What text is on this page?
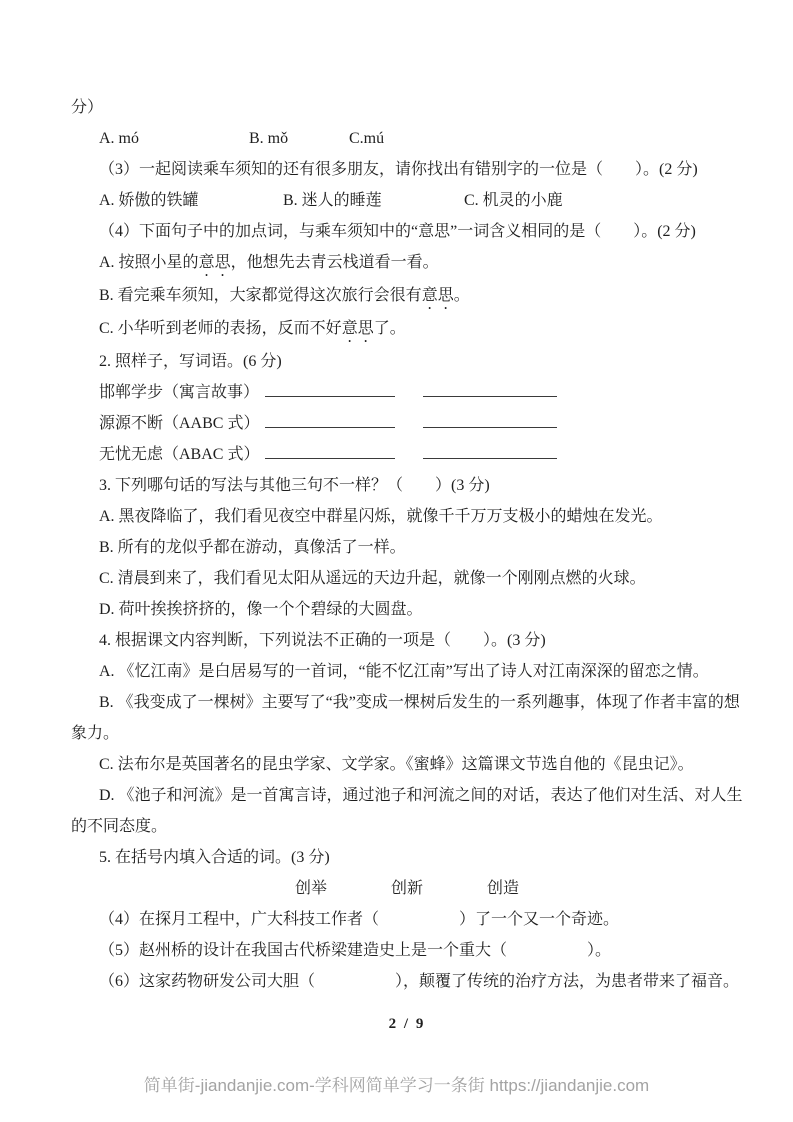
分）

A. mó	B. mǒ	C.mú

（3）一起阅读乘车须知的还有很多朋友，请你找出有错别字的一位是（　　）。(2 分)

A. 娇傲的铁罐	B. 迷人的睡莲	C. 机灵的小鹿

（4）下面句子中的加点词，与乘车须知中的“意思”一词含义相同的是（　　）。(2 分)

A. 按照小星的意思，他想先去青云栈道看一看。

B. 看完乘车须知，大家都觉得这次旅行会很有意思。

C. 小华听到老师的表扬，反而不好意思了。

2. 照样子，写词语。(6 分)

邯郸学步（寓言故事）

源源不断（AABC 式）

无忧无虑（ABAC 式）

3. 下列哪句话的写法与其他三句不一样？（　　）(3 分)

A. 黑夜降临了，我们看见夜空中群星闪烁，就像千千万万支极小的蜡烛在发光。

B. 所有的龙似乎都在游动，真像活了一样。

C. 清晨到来了，我们看见太阳从遥远的天边升起，就像一个刚刚点燃的火球。

D. 荷叶挨挨挤挤的，像一个个碧绿的大圆盘。

4. 根据课文内容判断，下列说法不正确的一项是（　　）。(3 分)

A. 《忆江南》是白居易写的一首词，“能不忆江南”写出了诗人对江南深深的留恋之情。

B. 《我变成了一棵树》主要写了“我”变成一棵树后发生的一系列趣事，体现了作者丰富的想象力。

C. 法布尔是英国著名的昆虫学家、文学家。《蜜蜂》这篇课文节选自他的《昆虫记》。

D. 《池子和河流》是一首寓言诗，通过池子和河流之间的对话，表达了他们对生活、对人生的不同态度。

5. 在括号内填入合适的词。(3 分)

创举	创新	创造

（4）在探月工程中，广大科技工作者（　　　　　）了一个又一个奇迹。

（5）赵州桥的设计在我国古代桥梁建造史上是一个重大（　　　　　）。

（6）这家药物研发公司大胆（　　　　　），颠覆了传统的治疗方法，为患者带来了福音。

2 / 9

简单街-jiandanjie.com-学科网简单学习一条街 https://jiandanjie.com
